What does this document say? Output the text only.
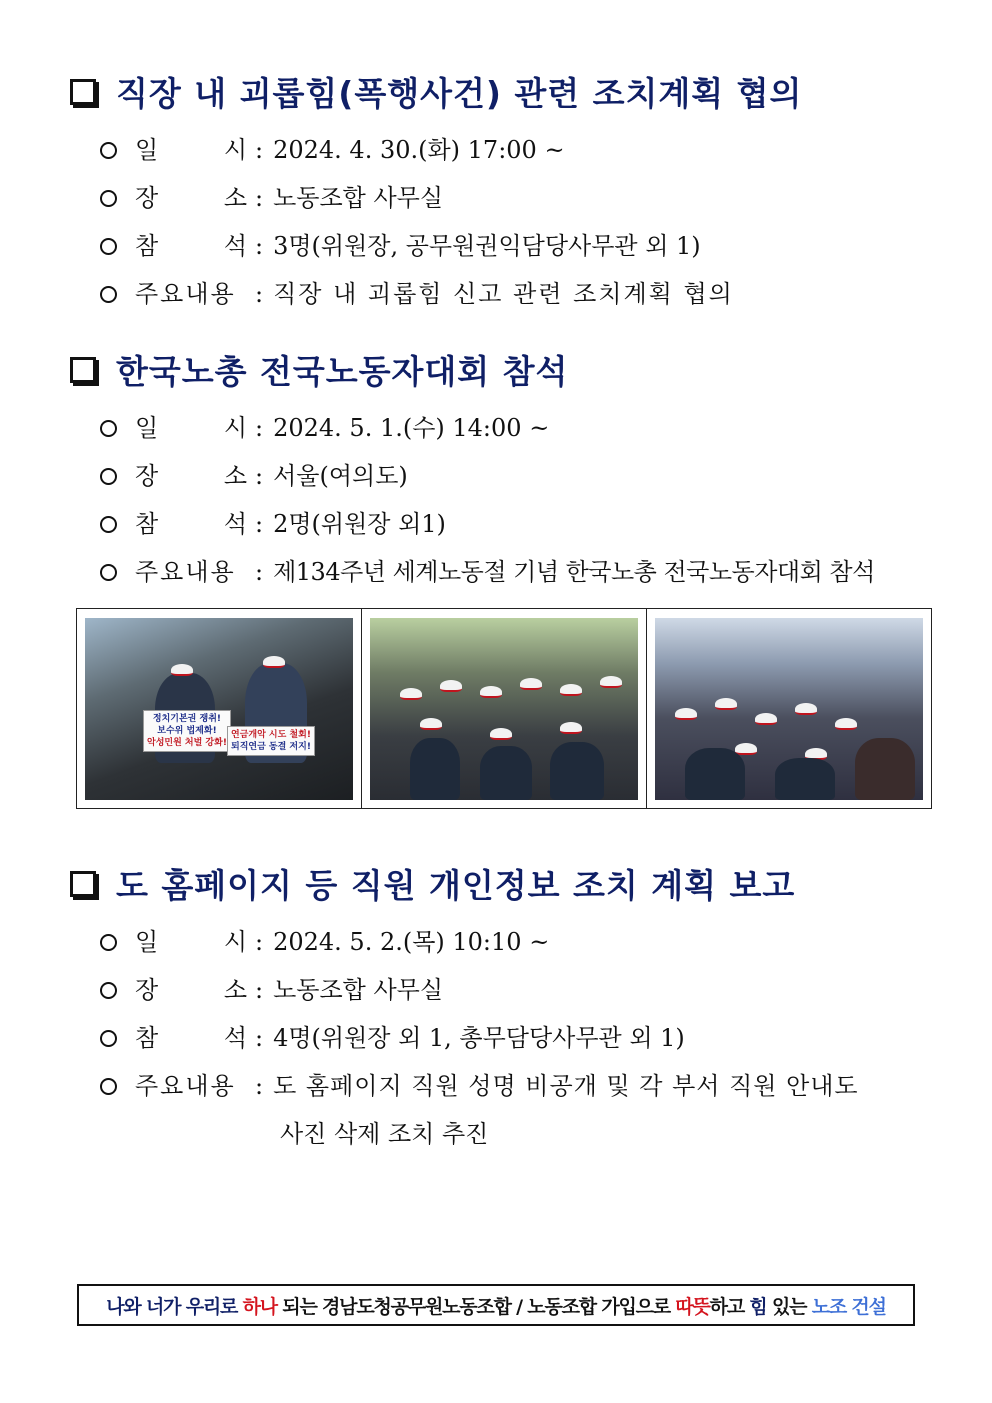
직장 내 괴롭힘(폭행사건) 관련 조치계획 협의
일	시 : 2024. 4. 30.(화) 17:00 ~
장	소 : 노동조합 사무실
참	석 : 3명(위원장, 공무원권익담당사무관 외 1)
주요내용 : 직장 내 괴롭힘 신고 관련 조치계획 협의
한국노총 전국노동자대회 참석
일	시 : 2024. 5. 1.(수) 14:00 ~
장	소 : 서울(여의도)
참	석 : 2명(위원장 외1)
주요내용 : 제134주년 세계노동절 기념 한국노총 전국노동자대회 참석
정치기본권 쟁취!
보수위 법제화!
악성민원 처벌 강화!
연금개악 시도 철회!
퇴직연금 동결 저지!
도 홈페이지 등 직원 개인정보 조치 계획 보고
일	시 : 2024. 5. 2.(목) 10:10 ~
장	소 : 노동조합 사무실
참	석 : 4명(위원장 외 1, 총무담당사무관 외 1)
주요내용 : 도 홈페이지 직원 성명 비공개 및 각 부서 직원 안내도
사진 삭제 조치 추진
나와 너가 우리로 하나 되는 경남도청공무원노동조합 / 노동조합 가입으로 따뜻 하고 힘 있는 노조 건설
